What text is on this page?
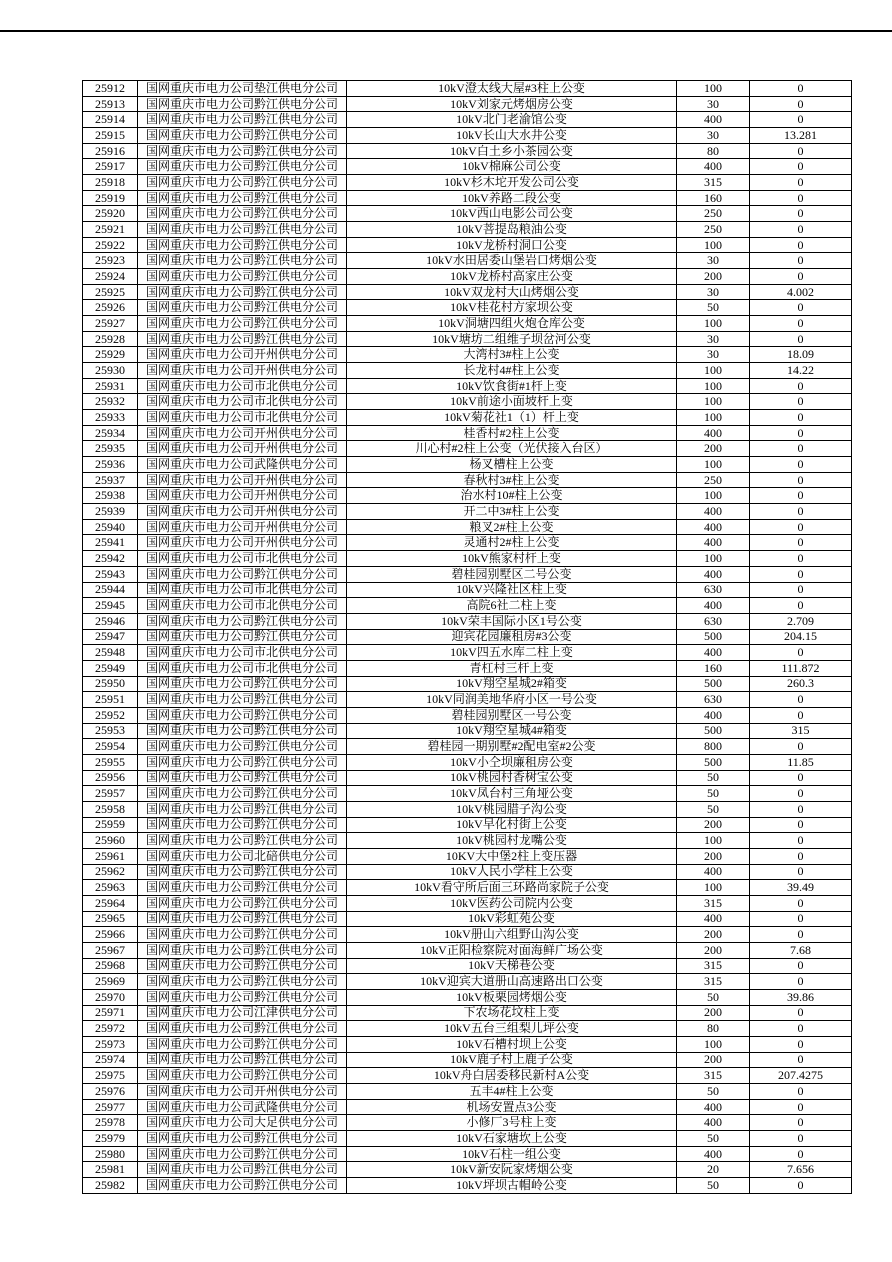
25912	国网重庆市电力公司垫江供电分公司	10kV澄太线大屋#3柱上公变	100	0
25913	国网重庆市电力公司黔江供电分公司	10kV刘家元烤烟房公变	30	0
25914	国网重庆市电力公司黔江供电分公司	10kV北门老渝馆公变	400	0
25915	国网重庆市电力公司黔江供电分公司	10kV长山大水井公变	30	13.281
25916	国网重庆市电力公司黔江供电分公司	10kV白土乡小茶园公变	80	0
25917	国网重庆市电力公司黔江供电分公司	10kV棉麻公司公变	400	0
25918	国网重庆市电力公司黔江供电分公司	10kV杉木坨开发公司公变	315	0
25919	国网重庆市电力公司黔江供电分公司	10kV养路二段公变	160	0
25920	国网重庆市电力公司黔江供电分公司	10kV西山电影公司公变	250	0
25921	国网重庆市电力公司黔江供电分公司	10kV菩提岛粮油公变	250	0
25922	国网重庆市电力公司黔江供电分公司	10kV龙桥村洞口公变	100	0
25923	国网重庆市电力公司黔江供电分公司	10kV水田居委山堡岩口烤烟公变	30	0
25924	国网重庆市电力公司黔江供电分公司	10kV龙桥村高家庄公变	200	0
25925	国网重庆市电力公司黔江供电分公司	10kV双龙村大山烤烟公变	30	4.002
25926	国网重庆市电力公司黔江供电分公司	10kV桂花村方家坝公变	50	0
25927	国网重庆市电力公司黔江供电分公司	10kV洞塘四组火炮仓库公变	100	0
25928	国网重庆市电力公司黔江供电分公司	10kV塘坊二组维子坝岔河公变	30	0
25929	国网重庆市电力公司开州供电分公司	大湾村3#柱上公变	30	18.09
25930	国网重庆市电力公司开州供电分公司	长龙村4#柱上公变	100	14.22
25931	国网重庆市电力公司市北供电分公司	10kV饮食街#1杆上变	100	0
25932	国网重庆市电力公司市北供电分公司	10kV前途小面坡杆上变	100	0
25933	国网重庆市电力公司市北供电分公司	10kV菊花社1（1）杆上变	100	0
25934	国网重庆市电力公司开州供电分公司	桂香村#2柱上公变	400	0
25935	国网重庆市电力公司开州供电分公司	川心村#2柱上公变（光伏接入台区）	200	0
25936	国网重庆市电力公司武隆供电分公司	杨叉槽柱上公变	100	0
25937	国网重庆市电力公司开州供电分公司	春秋村3#柱上公变	250	0
25938	国网重庆市电力公司开州供电分公司	治水村10#柱上公变	100	0
25939	国网重庆市电力公司开州供电分公司	开二中3#柱上公变	400	0
25940	国网重庆市电力公司开州供电分公司	粮叉2#柱上公变	400	0
25941	国网重庆市电力公司开州供电分公司	灵通村2#柱上公变	400	0
25942	国网重庆市电力公司市北供电分公司	10kV熊家村杆上变	100	0
25943	国网重庆市电力公司黔江供电分公司	碧桂园别墅区二号公变	400	0
25944	国网重庆市电力公司市北供电分公司	10kV兴隆社区柱上变	630	0
25945	国网重庆市电力公司市北供电分公司	高院6社二柱上变	400	0
25946	国网重庆市电力公司黔江供电分公司	10kV荣丰国际小区1号公变	630	2.709
25947	国网重庆市电力公司黔江供电分公司	迎宾花园廉租房#3公变	500	204.15
25948	国网重庆市电力公司市北供电分公司	10kV四五水库二柱上变	400	0
25949	国网重庆市电力公司市北供电分公司	青杠村三杆上变	160	111.872
25950	国网重庆市电力公司黔江供电分公司	10kV翔空星城2#箱变	500	260.3
25951	国网重庆市电力公司黔江供电分公司	10kV同润美地华府小区一号公变	630	0
25952	国网重庆市电力公司黔江供电分公司	碧桂园别墅区一号公变	400	0
25953	国网重庆市电力公司黔江供电分公司	10kV翔空星城4#箱变	500	315
25954	国网重庆市电力公司黔江供电分公司	碧桂园一期别墅#2配电室#2公变	800	0
25955	国网重庆市电力公司黔江供电分公司	10kV小仝坝廉租房公变	500	11.85
25956	国网重庆市电力公司黔江供电分公司	10kV桃园村香树宝公变	50	0
25957	国网重庆市电力公司黔江供电分公司	10kV凤台村三角垭公变	50	0
25958	国网重庆市电力公司黔江供电分公司	10kV桃园腊子沟公变	50	0
25959	国网重庆市电力公司黔江供电分公司	10kV早化村街上公变	200	0
25960	国网重庆市电力公司黔江供电分公司	10kV桃园村龙嘴公变	100	0
25961	国网重庆市电力公司北碚供电分公司	10KV大中堡2柱上变压器	200	0
25962	国网重庆市电力公司黔江供电分公司	10kV人民小学柱上公变	400	0
25963	国网重庆市电力公司黔江供电分公司	10kV看守所后面三环路尚家院子公变	100	39.49
25964	国网重庆市电力公司黔江供电分公司	10kV医药公司院内公变	315	0
25965	国网重庆市电力公司黔江供电分公司	10kV彩虹苑公变	400	0
25966	国网重庆市电力公司黔江供电分公司	10kV册山六组野山沟公变	200	0
25967	国网重庆市电力公司黔江供电分公司	10kV正阳检察院对面海鲜广场公变	200	7.68
25968	国网重庆市电力公司黔江供电分公司	10kV天梯巷公变	315	0
25969	国网重庆市电力公司黔江供电分公司	10kV迎宾大道册山高速路出口公变	315	0
25970	国网重庆市电力公司黔江供电分公司	10kV板栗园烤烟公变	50	39.86
25971	国网重庆市电力公司江津供电分公司	下农场花坟柱上变	200	0
25972	国网重庆市电力公司黔江供电分公司	10kV五台三组梨儿坪公变	80	0
25973	国网重庆市电力公司黔江供电分公司	10kV石槽村坝上公变	100	0
25974	国网重庆市电力公司黔江供电分公司	10kV鹿子村上鹿子公变	200	0
25975	国网重庆市电力公司黔江供电分公司	10kV舟白居委移民新村A公变	315	207.4275
25976	国网重庆市电力公司开州供电分公司	五丰4#柱上公变	50	0
25977	国网重庆市电力公司武隆供电分公司	机场安置点3公变	400	0
25978	国网重庆市电力公司大足供电分公司	小修厂3号柱上变	400	0
25979	国网重庆市电力公司黔江供电分公司	10kV石家塘坎上公变	50	0
25980	国网重庆市电力公司黔江供电分公司	10kV石柱一组公变	400	0
25981	国网重庆市电力公司黔江供电分公司	10kV新安阮家烤烟公变	20	7.656
25982	国网重庆市电力公司黔江供电分公司	10kV坪坝古帽岭公变	50	0
